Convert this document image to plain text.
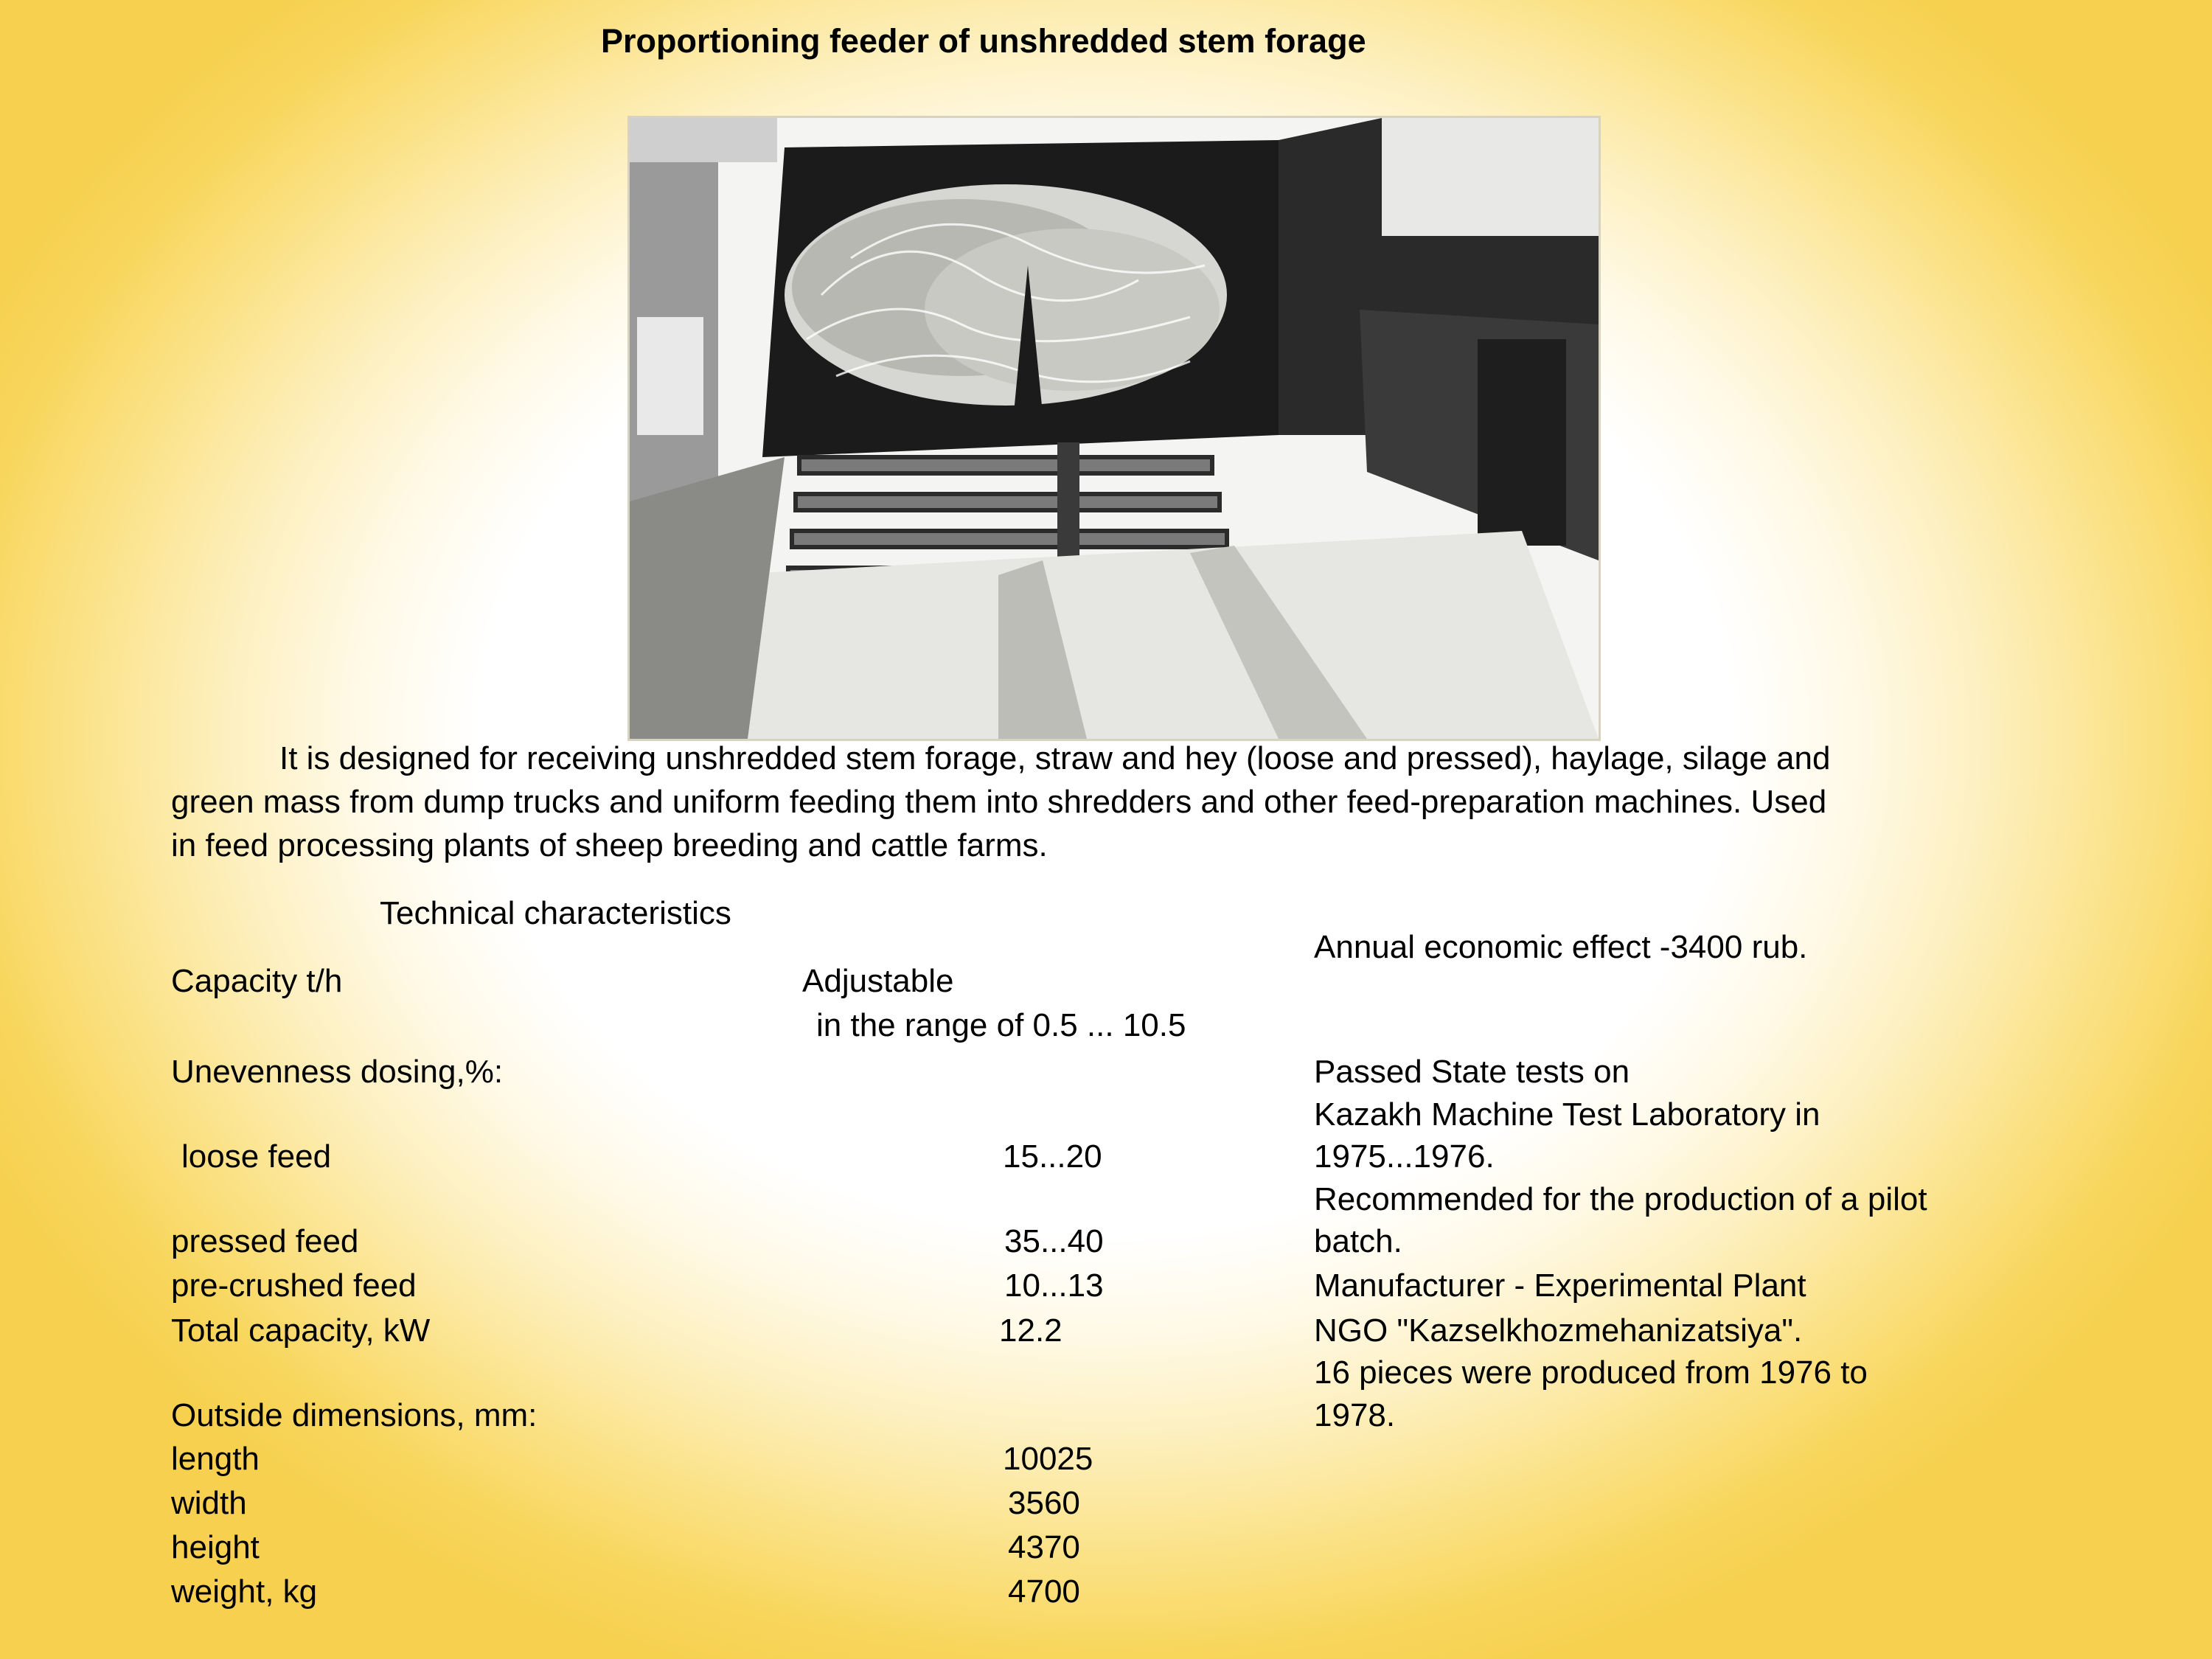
Proportioning feeder of unshredded stem forage
It is designed for receiving unshredded stem forage, straw and hey (loose and pressed), haylage, silage and
green mass from dump trucks and uniform feeding them into shredders and other feed-preparation machines. Used
in feed processing plants of sheep breeding and cattle farms.
Technical characteristics
Capacity t/h	Adjustable
in the range of 0.5 ... 10.5
Unevenness dosing,%:
loose feed	15...20
pressed feed	35...40
pre-crushed feed	10...13
Total capacity, kW	12.2
Outside dimensions, mm:
length	10025
width	3560
height	4370
weight, kg	4700
Annual economic effect -3400 rub.
Passed State tests on
Kazakh Machine Test Laboratory in
1975...1976.
Recommended for the production of a pilot
batch.
Manufacturer - Experimental Plant
NGO "Kazselkhozmehanizatsiya".
16 pieces were produced from 1976 to
1978.
